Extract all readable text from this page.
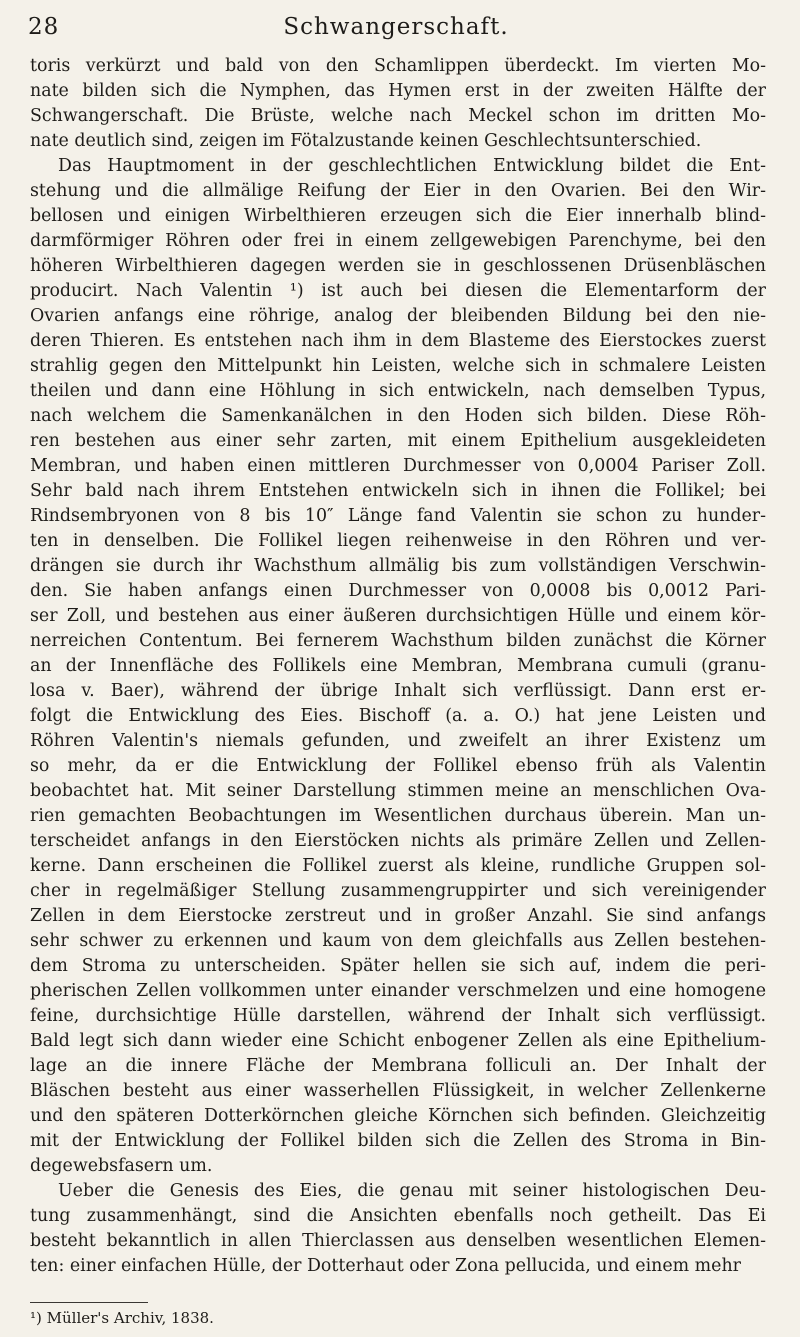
28	Schwangerschaft.
toris verkürzt und bald von den Schamlippen überdeckt. Im vierten Mo-
nate bilden sich die Nymphen, das Hymen erst in der zweiten Hälfte der
Schwangerschaft. Die Brüste, welche nach Meckel schon im dritten Mo-
nate deutlich sind, zeigen im Fötalzustande keinen Geschlechtsunterschied.
Das Hauptmoment in der geschlechtlichen Entwicklung bildet die Ent-
stehung und die allmälige Reifung der Eier in den Ovarien. Bei den Wir-
bellosen und einigen Wirbelthieren erzeugen sich die Eier innerhalb blind-
darmförmiger Röhren oder frei in einem zellgewebigen Parenchyme, bei den
höheren Wirbelthieren dagegen werden sie in geschlossenen Drüsenbläschen
producirt. Nach Valentin ¹) ist auch bei diesen die Elementarform der
Ovarien anfangs eine röhrige, analog der bleibenden Bildung bei den nie-
deren Thieren. Es entstehen nach ihm in dem Blasteme des Eierstockes zuerst
strahlig gegen den Mittelpunkt hin Leisten, welche sich in schmalere Leisten
theilen und dann eine Höhlung in sich entwickeln, nach demselben Typus,
nach welchem die Samenkanälchen in den Hoden sich bilden. Diese Röh-
ren bestehen aus einer sehr zarten, mit einem Epithelium ausgekleideten
Membran, und haben einen mittleren Durchmesser von 0,0004 Pariser Zoll.
Sehr bald nach ihrem Entstehen entwickeln sich in ihnen die Follikel; bei
Rindsembryonen von 8 bis 10″ Länge fand Valentin sie schon zu hunder-
ten in denselben. Die Follikel liegen reihenweise in den Röhren und ver-
drängen sie durch ihr Wachsthum allmälig bis zum vollständigen Verschwin-
den. Sie haben anfangs einen Durchmesser von 0,0008 bis 0,0012 Pari-
ser Zoll, und bestehen aus einer äußeren durchsichtigen Hülle und einem kör-
nerreichen Contentum. Bei fernerem Wachsthum bilden zunächst die Körner
an der Innenfläche des Follikels eine Membran, Membrana cumuli (granu-
losa v. Baer), während der übrige Inhalt sich verflüssigt. Dann erst er-
folgt die Entwicklung des Eies. Bischoff (a. a. O.) hat jene Leisten und
Röhren Valentin's niemals gefunden, und zweifelt an ihrer Existenz um
so mehr, da er die Entwicklung der Follikel ebenso früh als Valentin
beobachtet hat. Mit seiner Darstellung stimmen meine an menschlichen Ova-
rien gemachten Beobachtungen im Wesentlichen durchaus überein. Man un-
terscheidet anfangs in den Eierstöcken nichts als primäre Zellen und Zellen-
kerne. Dann erscheinen die Follikel zuerst als kleine, rundliche Gruppen sol-
cher in regelmäßiger Stellung zusammengruppirter und sich vereinigender
Zellen in dem Eierstocke zerstreut und in großer Anzahl. Sie sind anfangs
sehr schwer zu erkennen und kaum von dem gleichfalls aus Zellen bestehen-
dem Stroma zu unterscheiden. Später hellen sie sich auf, indem die peri-
pherischen Zellen vollkommen unter einander verschmelzen und eine homogene
feine, durchsichtige Hülle darstellen, während der Inhalt sich verflüssigt.
Bald legt sich dann wieder eine Schicht enbogener Zellen als eine Epithelium-
lage an die innere Fläche der Membrana folliculi an. Der Inhalt der
Bläschen besteht aus einer wasserhellen Flüssigkeit, in welcher Zellenkerne
und den späteren Dotterkörnchen gleiche Körnchen sich befinden. Gleichzeitig
mit der Entwicklung der Follikel bilden sich die Zellen des Stroma in Bin-
degewebsfasern um.
Ueber die Genesis des Eies, die genau mit seiner histologischen Deu-
tung zusammenhängt, sind die Ansichten ebenfalls noch getheilt. Das Ei
besteht bekanntlich in allen Thierclassen aus denselben wesentlichen Elemen-
ten: einer einfachen Hülle, der Dotterhaut oder Zona pellucida, und einem mehr
¹) Müller's Archiv, 1838.
